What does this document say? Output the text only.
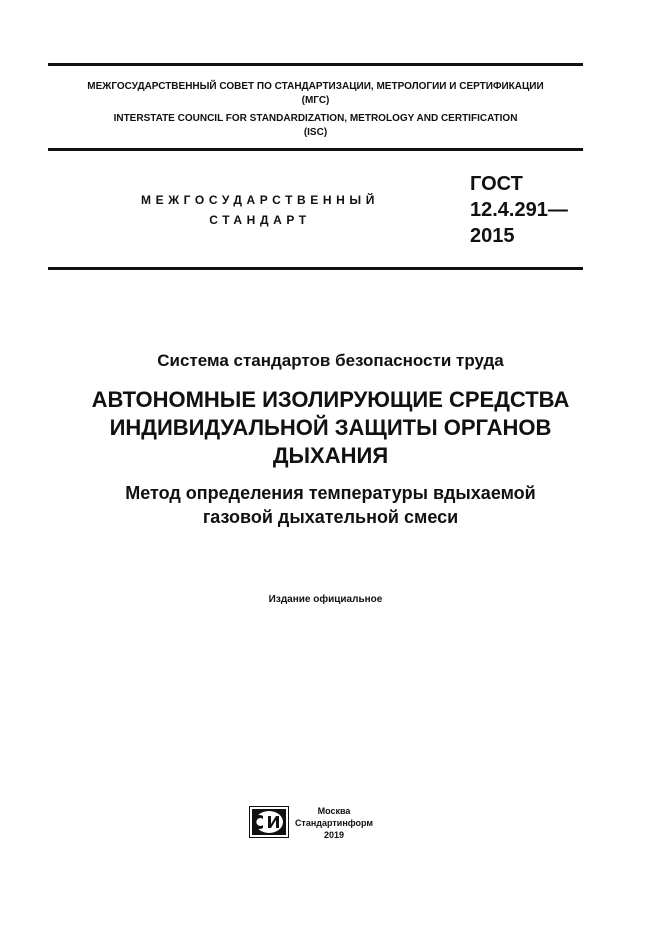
МЕЖГОСУДАРСТВЕННЫЙ СОВЕТ ПО СТАНДАРТИЗАЦИИ, МЕТРОЛОГИИ И СЕРТИФИКАЦИИ
(МГС)
INTERSTATE COUNCIL FOR STANDARDIZATION, METROLOGY AND CERTIFICATION
(ISC)
МЕЖГОСУДАРСТВЕННЫЙ
СТАНДАРТ
ГОСТ
12.4.291—
2015
Система стандартов безопасности труда
АВТОНОМНЫЕ ИЗОЛИРУЮЩИЕ СРЕДСТВА
ИНДИВИДУАЛЬНОЙ ЗАЩИТЫ ОРГАНОВ
ДЫХАНИЯ
Метод определения температуры вдыхаемой
газовой дыхательной смеси
Издание официальное
Москва
Стандартинформ
2019
